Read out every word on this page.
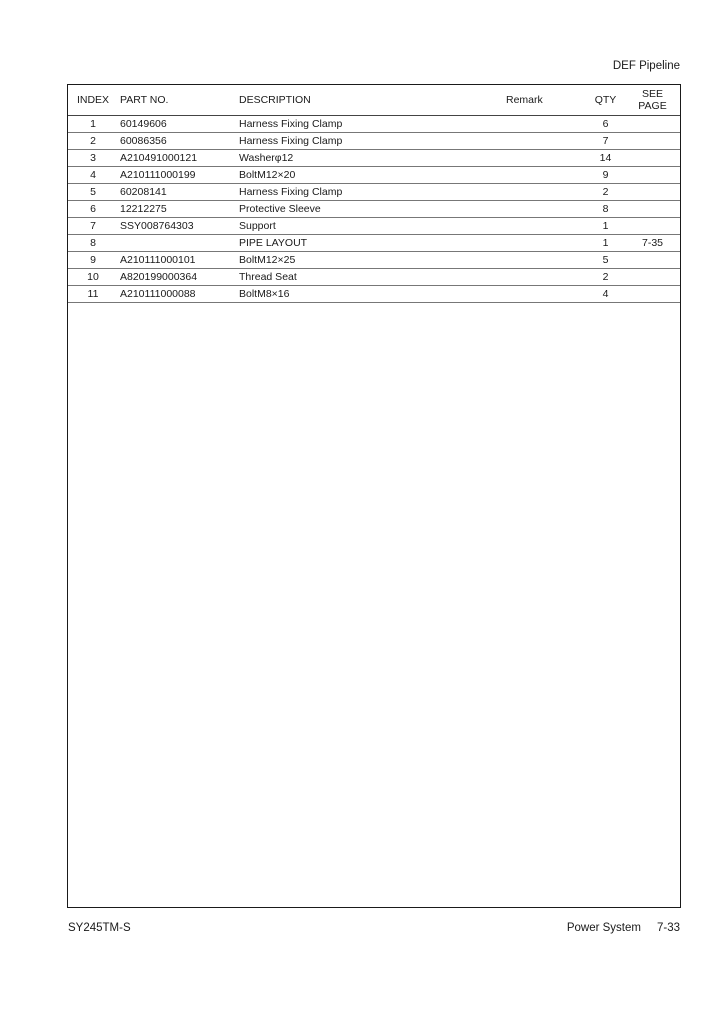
DEF Pipeline
INDEX	PART NO.	DESCRIPTION	Remark	QTY	SEE
PAGE
1	60149606	Harness Fixing Clamp		6	
2	60086356	Harness Fixing Clamp		7	
3	A210491000121	Washerφ12		14	
4	A210111000199	BoltM12×20		9	
5	60208141	Harness Fixing Clamp		2	
6	12212275	Protective Sleeve		8	
7	SSY008764303	Support		1	
8		PIPE LAYOUT		1	7-35
9	A210111000101	BoltM12×25		5	
10	A820199000364	Thread Seat		2	
11	A210111000088	BoltM8×16		4	
SY245TM-S	Power System 7-33
